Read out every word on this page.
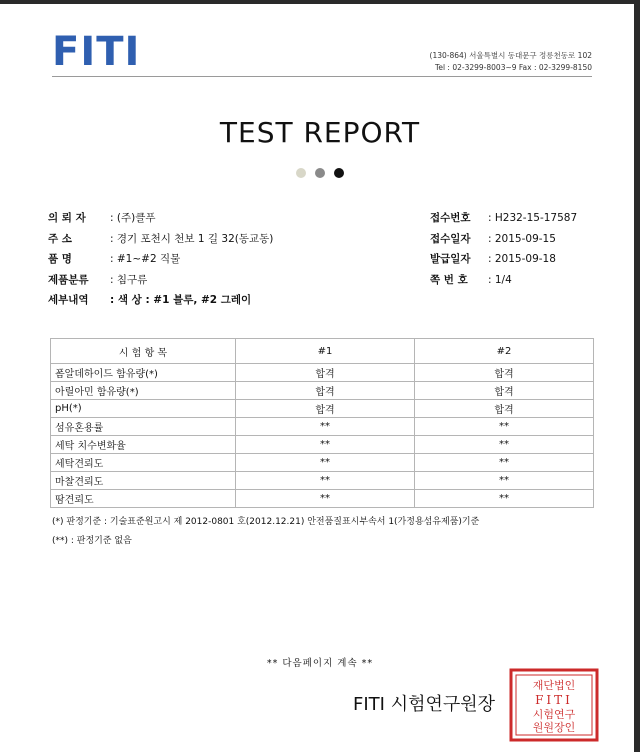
FITI	(130-864) 서울특별시 동대문구 정릉천동로 102
Tel : 02-3299-8003~9 Fax : 02-3299-8150
TEST REPORT
의 뢰 자	: (주)클푸
주 소	: 경기 포천시 천보 1 길 32(동교동)
품 명	: #1~#2 직물
제품분류	: 침구류
세부내역	: 색 상 : #1 블루, #2 그레이
접수번호	: H232-15-17587
접수일자	: 2015-09-15
발급일자	: 2015-09-18
쪽 번 호	: 1/4
시 험 항 목	#1	#2
폼알데하이드 함유량(*)	합격	합격
아릴아민 함유량(*)	합격	합격
pH(*)	합격	합격
섬유혼용률	**	**
세탁 치수변화율	**	**
세탁견뢰도	**	**
마찰견뢰도	**	**
땀견뢰도	**	**
(*) 판정기준 : 기술표준원고시 제 2012-0801 호(2012.12.21) 안전품질표시부속서 1(가정용섬유제품)기준
(**) : 판정기준 없음
** 다음페이지 계속 **
FITI 시험연구원장
재단법인
FITI
시험연구
원원장인
